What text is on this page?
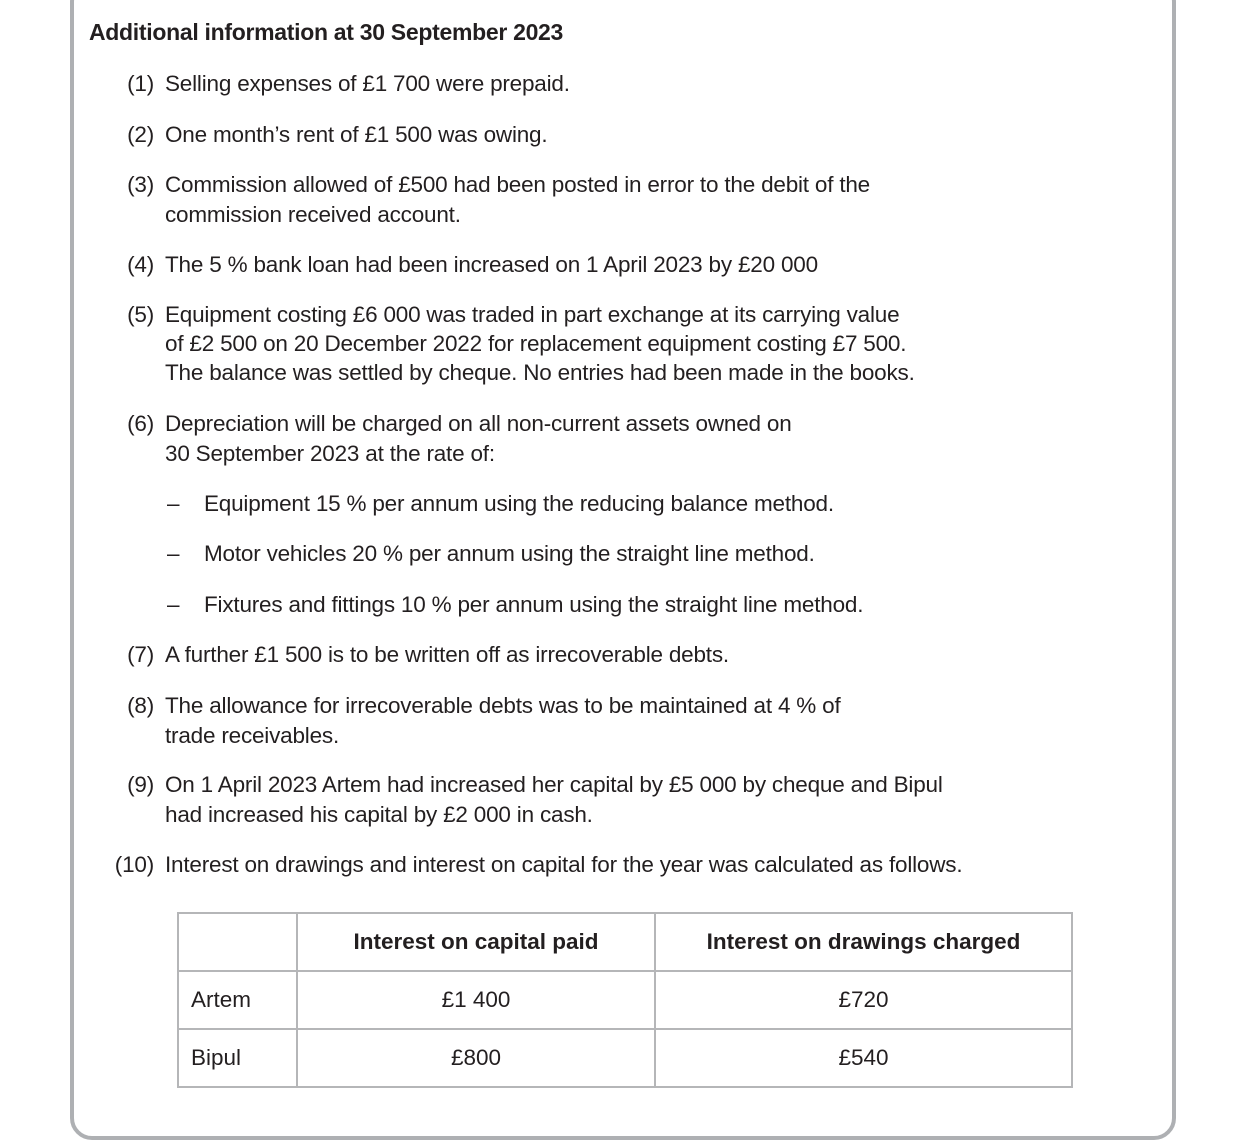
Additional information at 30 September 2023
(1) Selling expenses of £1 700 were prepaid.
(2) One month’s rent of £1 500 was owing.
(3) Commission allowed of £500 had been posted in error to the debit of the
commission received account.
(4) The 5 % bank loan had been increased on 1 April 2023 by £20 000
(5) Equipment costing £6 000 was traded in part exchange at its carrying value
of £2 500 on 20 December 2022 for replacement equipment costing £7 500.
The balance was settled by cheque. No entries had been made in the books.
(6) Depreciation will be charged on all non-current assets owned on
30 September 2023 at the rate of:
– Equipment 15 % per annum using the reducing balance method.
– Motor vehicles 20 % per annum using the straight line method.
– Fixtures and fittings 10 % per annum using the straight line method.
(7) A further £1 500 is to be written off as irrecoverable debts.
(8) The allowance for irrecoverable debts was to be maintained at 4 % of
trade receivables.
(9) On 1 April 2023 Artem had increased her capital by £5 000 by cheque and Bipul
had increased his capital by £2 000 in cash.
(10) Interest on drawings and interest on capital for the year was calculated as follows.
	Interest on capital paid	Interest on drawings charged
Artem	£1 400	£720
Bipul	£800	£540
